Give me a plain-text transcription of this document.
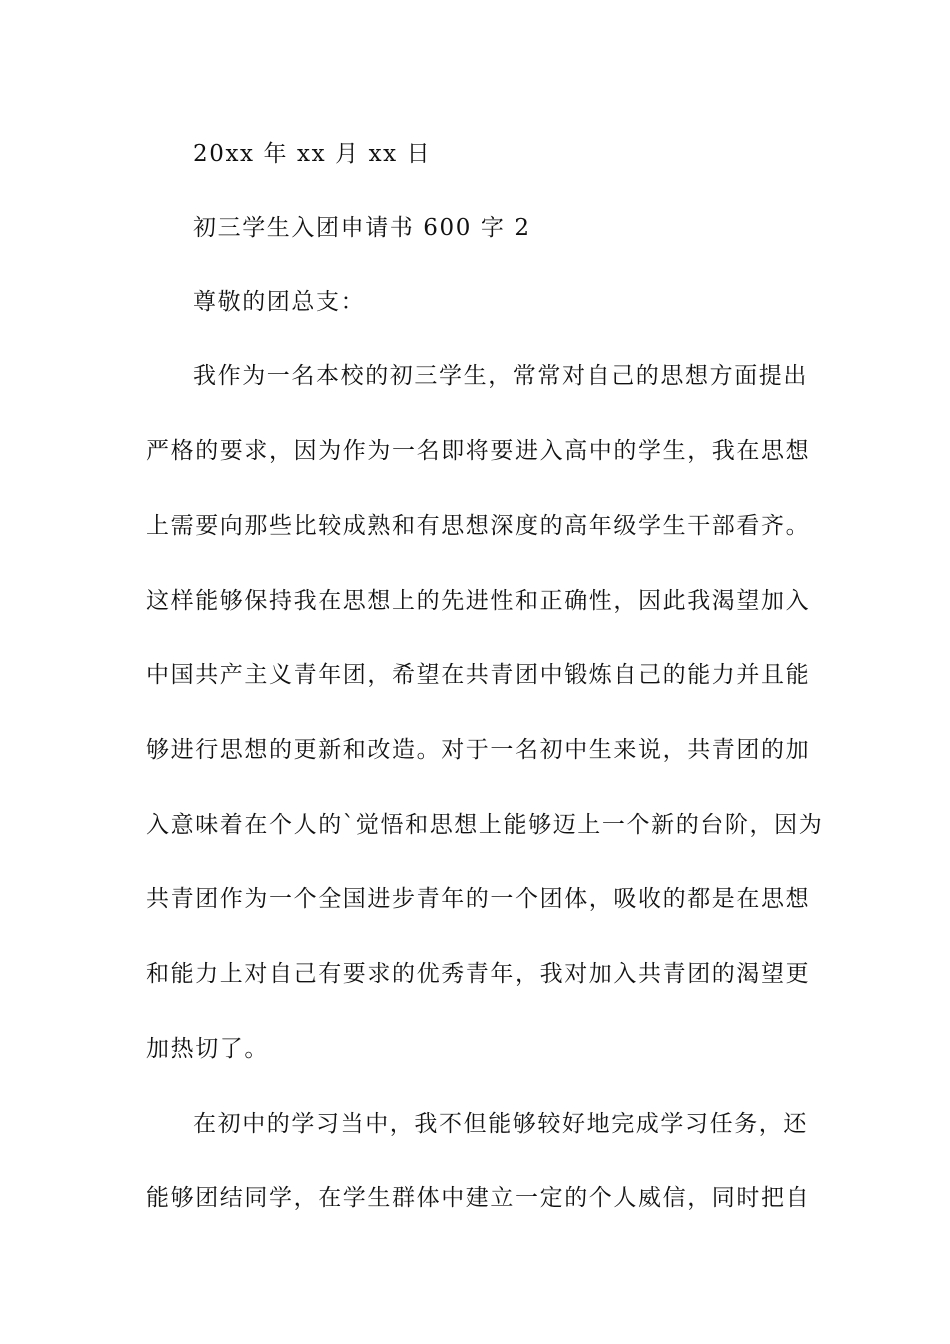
20xx 年 xx 月 xx 日
初三学生入团申请书 600 字 2
尊敬的团总支：
我作为一名本校的初三学生，常常对自己的思想方面提出
严格的要求，因为作为一名即将要进入高中的学生，我在思想
上需要向那些比较成熟和有思想深度的高年级学生干部看齐。
这样能够保持我在思想上的先进性和正确性，因此我渴望加入
中国共产主义青年团，希望在共青团中锻炼自己的能力并且能
够进行思想的更新和改造。对于一名初中生来说，共青团的加
入意味着在个人的`觉悟和思想上能够迈上一个新的台阶，因为
共青团作为一个全国进步青年的一个团体，吸收的都是在思想
和能力上对自己有要求的优秀青年，我对加入共青团的渴望更
加热切了。
在初中的学习当中，我不但能够较好地完成学习任务，还
能够团结同学，在学生群体中建立一定的个人威信，同时把自
